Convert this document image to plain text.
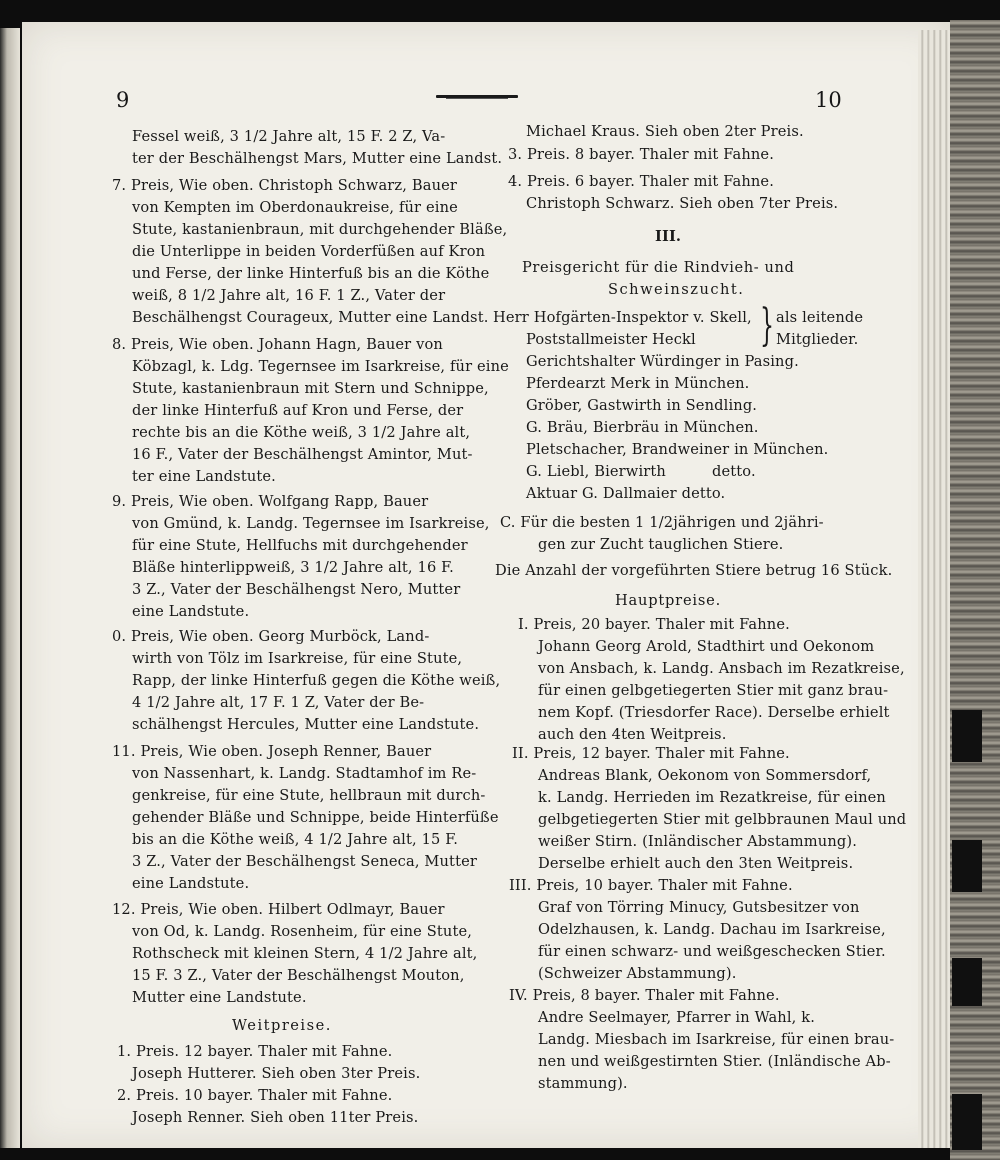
9	10
Fessel weiß, 3 1/2 Jahre alt, 15 F. 2 Z, Va-
ter der Beschälhengst Mars, Mutter eine Landst.
7. Preis, Wie oben. Christoph Schwarz, Bauer
von Kempten im Oberdonaukreise, für eine
Stute, kastanienbraun, mit durchgehender Bläße,
die Unterlippe in beiden Vorderfüßen auf Kron
und Ferse, der linke Hinterfuß bis an die Köthe
weiß, 8 1/2 Jahre alt, 16 F. 1 Z., Vater der
Beschälhengst Courageux, Mutter eine Landst.
8. Preis, Wie oben. Johann Hagn, Bauer von
Köbzagl, k. Ldg. Tegernsee im Isarkreise, für eine
Stute, kastanienbraun mit Stern und Schnippe,
der linke Hinterfuß auf Kron und Ferse, der
rechte bis an die Köthe weiß, 3 1/2 Jahre alt,
16 F., Vater der Beschälhengst Amintor, Mut-
ter eine Landstute.
9. Preis, Wie oben. Wolfgang Rapp, Bauer
von Gmünd, k. Landg. Tegernsee im Isarkreise,
für eine Stute, Hellfuchs mit durchgehender
Bläße hinterlippweiß, 3 1/2 Jahre alt, 16 F.
3 Z., Vater der Beschälhengst Nero, Mutter
eine Landstute.
0. Preis, Wie oben. Georg Murböck, Land-
wirth von Tölz im Isarkreise, für eine Stute,
Rapp, der linke Hinterfuß gegen die Köthe weiß,
4 1/2 Jahre alt, 17 F. 1 Z, Vater der Be-
schälhengst Hercules, Mutter eine Landstute.
11. Preis, Wie oben. Joseph Renner, Bauer
von Nassenhart, k. Landg. Stadtamhof im Re-
genkreise, für eine Stute, hellbraun mit durch-
gehender Bläße und Schnippe, beide Hinterfüße
bis an die Köthe weiß, 4 1/2 Jahre alt, 15 F.
3 Z., Vater der Beschälhengst Seneca, Mutter
eine Landstute.
12. Preis, Wie oben. Hilbert Odlmayr, Bauer
von Od, k. Landg. Rosenheim, für eine Stute,
Rothscheck mit kleinen Stern, 4 1/2 Jahre alt,
15 F. 3 Z., Vater der Beschälhengst Mouton,
Mutter eine Landstute.
Weitpreise.
1. Preis. 12 bayer. Thaler mit Fahne.
Joseph Hutterer. Sieh oben 3ter Preis.
2. Preis. 10 bayer. Thaler mit Fahne.
Joseph Renner. Sieh oben 11ter Preis.
Michael Kraus. Sieh oben 2ter Preis.
3. Preis. 8 bayer. Thaler mit Fahne.
4. Preis. 6 bayer. Thaler mit Fahne.
Christoph Schwarz. Sieh oben 7ter Preis.
III.
Preisgericht für die Rindvieh- und
Schweinszucht.
Herr Hofgärten-Inspektor v. Skell, } als leitende
Poststallmeister Heckl	Mitglieder.
Gerichtshalter Würdinger in Pasing.
Pferdearzt Merk in München.
Gröber, Gastwirth in Sendling.
G. Bräu, Bierbräu in München.
Pletschacher, Brandweiner in München.
G. Liebl, Bierwirth	detto.
Aktuar G. Dallmaier detto.
C. Für die besten 1 1/2jährigen und 2jähri-
gen zur Zucht tauglichen Stiere.
Die Anzahl der vorgeführten Stiere betrug 16 Stück.
Hauptpreise.
I. Preis, 20 bayer. Thaler mit Fahne.
Johann Georg Arold, Stadthirt und Oekonom
von Ansbach, k. Landg. Ansbach im Rezatkreise,
für einen gelbgetiegerten Stier mit ganz brau-
nem Kopf. (Triesdorfer Race). Derselbe erhielt
auch den 4ten Weitpreis.
II. Preis, 12 bayer. Thaler mit Fahne.
Andreas Blank, Oekonom von Sommersdorf,
k. Landg. Herrieden im Rezatkreise, für einen
gelbgetiegerten Stier mit gelbbraunen Maul und
weißer Stirn. (Inländischer Abstammung).
Derselbe erhielt auch den 3ten Weitpreis.
III. Preis, 10 bayer. Thaler mit Fahne.
Graf von Törring Minucy, Gutsbesitzer von
Odelzhausen, k. Landg. Dachau im Isarkreise,
für einen schwarz- und weißgeschecken Stier.
(Schweizer Abstammung).
IV. Preis, 8 bayer. Thaler mit Fahne.
Andre Seelmayer, Pfarrer in Wahl, k.
Landg. Miesbach im Isarkreise, für einen brau-
nen und weißgestirnten Stier. (Inländische Ab-
stammung).
